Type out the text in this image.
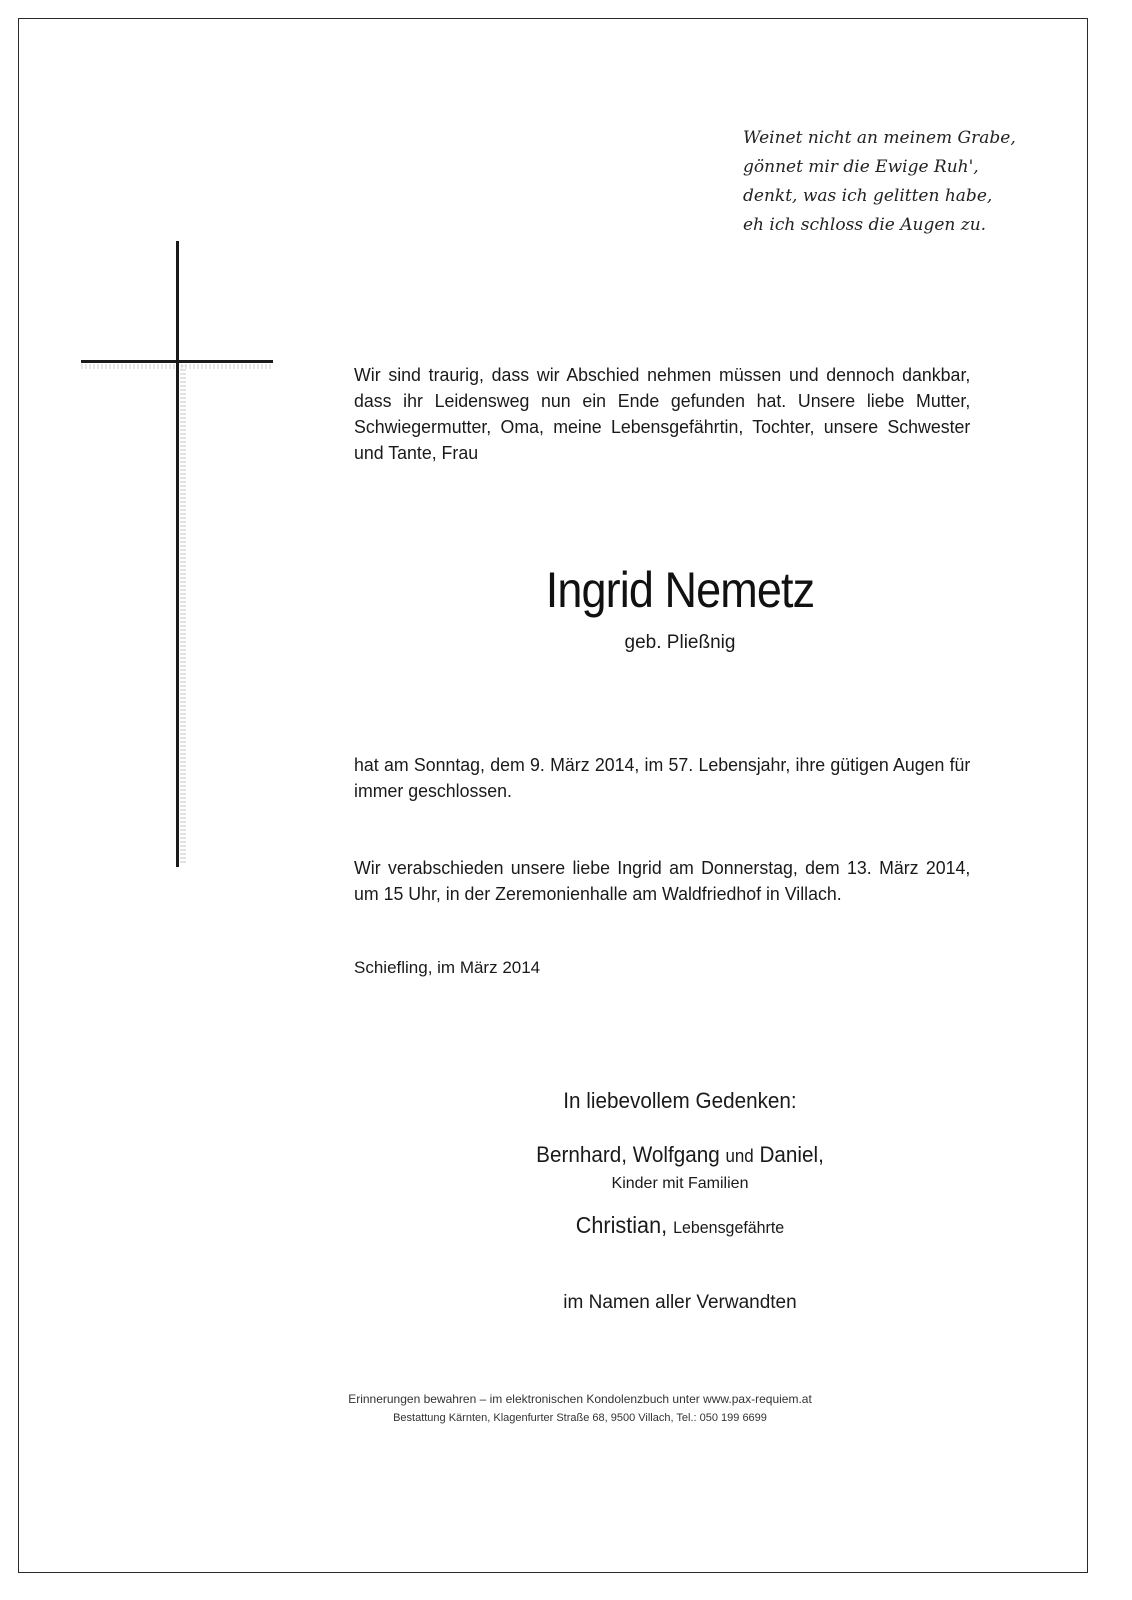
Weinet nicht an meinem Grabe,
gönnet mir die Ewige Ruh',
denkt, was ich gelitten habe,
eh ich schloss die Augen zu.
Wir sind traurig, dass wir Abschied nehmen müssen und dennoch dankbar, dass ihr Leidensweg nun ein Ende gefunden hat. Unsere liebe Mutter, Schwiegermutter, Oma, meine Lebensgefährtin, Tochter, unsere Schwester und Tante, Frau
Ingrid Nemetz
geb. Pließnig
hat am Sonntag, dem 9. März 2014, im 57. Lebensjahr, ihre gütigen Augen für immer geschlossen.
Wir verabschieden unsere liebe Ingrid am Donnerstag, dem 13. März 2014, um 15 Uhr, in der Zeremonienhalle am Waldfriedhof in Villach.
Schiefling, im März 2014
In liebevollem Gedenken:
Bernhard, Wolfgang und Daniel,
Kinder mit Familien
Christian, Lebensgefährte
im Namen aller Verwandten
Erinnerungen bewahren – im elektronischen Kondolenzbuch unter www.pax-requiem.at
Bestattung Kärnten, Klagenfurter Straße 68, 9500 Villach, Tel.: 050 199 6699
